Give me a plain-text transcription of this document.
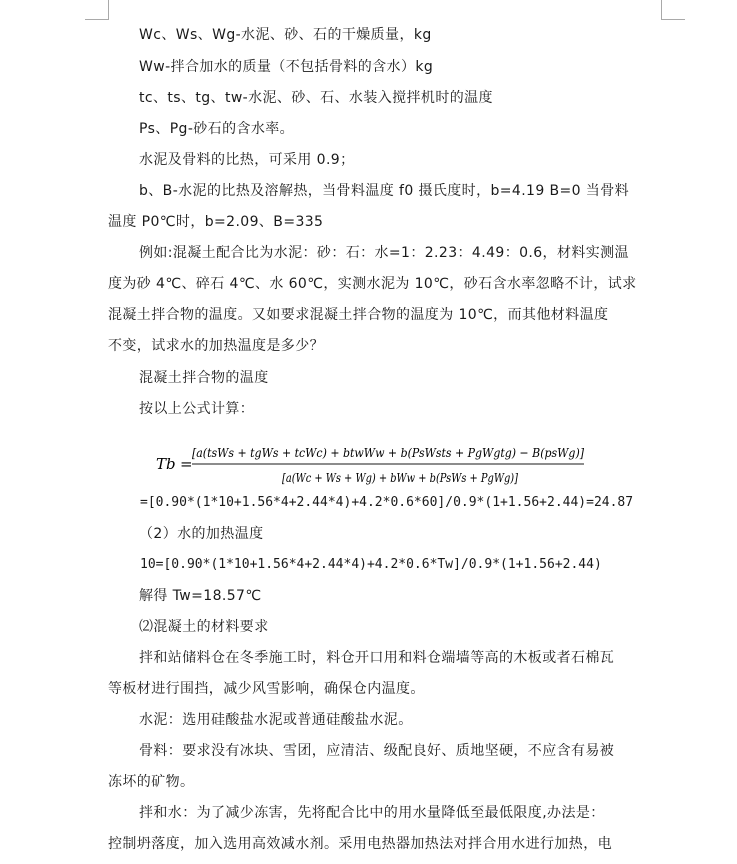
Wc、Ws、Wg-水泥、砂、石的干燥质量，kg
Ww-拌合加水的质量（不包括骨料的含水）kg
tc、ts、tg、tw-水泥、砂、石、水装入搅拌机时的温度
Ps、Pg-砂石的含水率。
水泥及骨料的比热，可采用 0.9；
b、B-水泥的比热及溶解热，当骨料温度 f0 摄氏度时，b=4.19 B=0 当骨料
温度 P0℃时，b=2.09、B=335
例如:混凝土配合比为水泥：砂：石：水=1：2.23：4.49：0.6，材料实测温
度为砂 4℃、碎石 4℃、水 60℃，实测水泥为 10℃，砂石含水率忽略不计，试求
混凝土拌合物的温度。又如要求混凝土拌合物的温度为 10℃，而其他材料温度
不变，试求水的加热温度是多少？
混凝土拌合物的温度
按以上公式计算：
Tb =
[a(tsWs + tgWs + tcWc) + btwWw + b(PsWsts + PgWgtg) − B(psWg)]
[a(Wc + Ws + Wg) + bWw + b(PsWs + PgWg)]
=[0.90*(1*10+1.56*4+2.44*4)+4.2*0.6*60]/0.9*(1+1.56+2.44)=24.87
（2）水的加热温度
10=[0.90*(1*10+1.56*4+2.44*4)+4.2*0.6*Tw]/0.9*(1+1.56+2.44)
解得 Tw=18.57℃
⑵混凝土的材料要求
拌和站储料仓在冬季施工时，料仓开口用和料仓端墙等高的木板或者石棉瓦
等板材进行围挡，减少风雪影响，确保仓内温度。
水泥：选用硅酸盐水泥或普通硅酸盐水泥。
骨料：要求没有冰块、雪团，应清洁、级配良好、质地坚硬，不应含有易被
冻坏的矿物。
拌和水：为了减少冻害，先将配合比中的用水量降低至最低限度,办法是：
控制坍落度，加入选用高效减水剂。采用电热器加热法对拌合用水进行加热，电
